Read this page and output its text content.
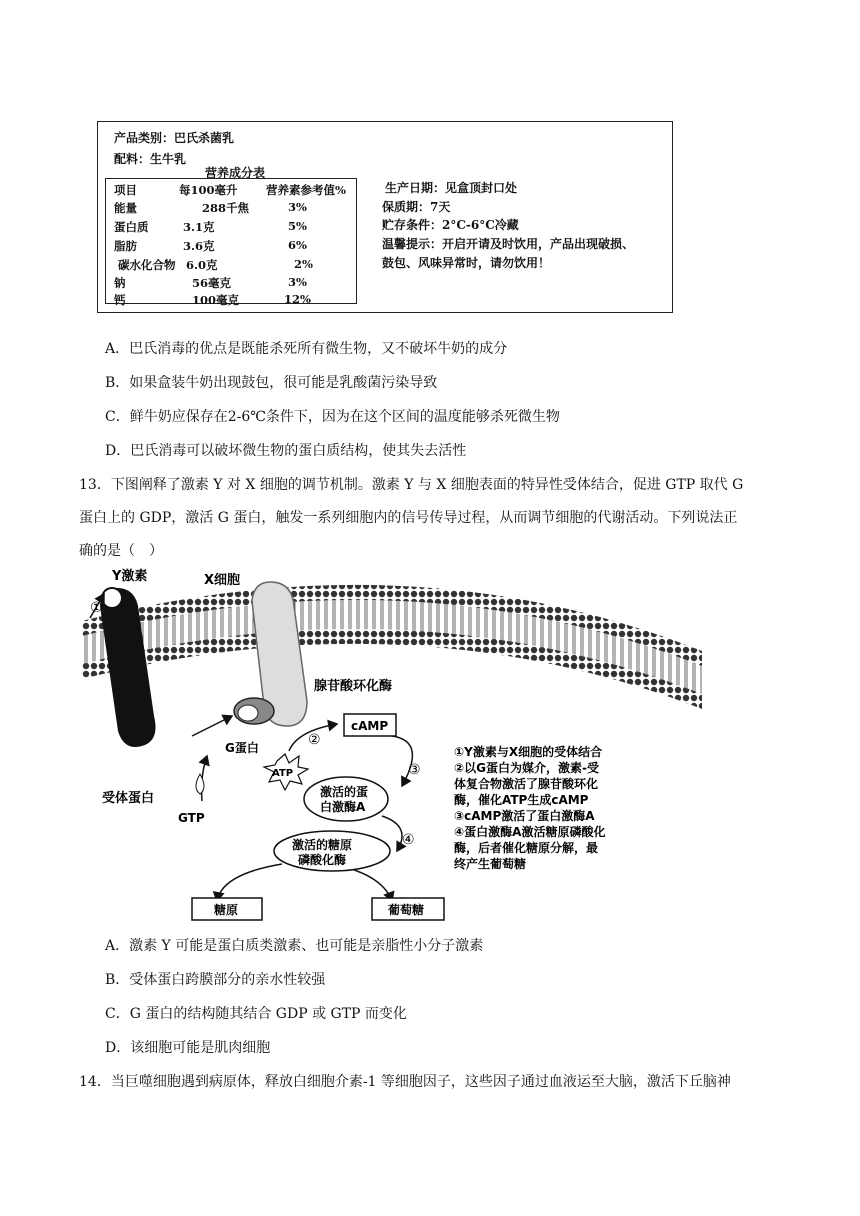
产品类别：巴氏杀菌乳
配料：生牛乳
营养成分表
项目	每100毫升 营养素参考值%
能量	288千焦	3%
蛋白质	3.1克	5%
脂肪	3.6克	6%
碳水化合物 6.0克	2%
钠	56毫克	3%
钙	100毫克	12%
生产日期：见盒顶封口处
保质期：7天
贮存条件：2°C-6°C冷藏
温馨提示：开启开请及时饮用，产品出现破损、
鼓包、风味异常时，请勿饮用！
A．巴氏消毒的优点是既能杀死所有微生物，又不破坏牛奶的成分
B．如果盒装牛奶出现鼓包，很可能是乳酸菌污染导致
C．鲜牛奶应保存在2-6℃条件下，因为在这个区间的温度能够杀死微生物
D．巴氏消毒可以破坏微生物的蛋白质结构，使其失去活性
13．下图阐释了激素 Y 对 X 细胞的调节机制。激素 Y 与 X 细胞表面的特异性受体结合，促进 GTP 取代 G
蛋白上的 GDP，激活 G 蛋白，触发一系列细胞内的信号传导过程，从而调节细胞的代谢活动。下列说法正
确的是（　）
Y激素
①
X细胞
腺苷酸环化酶
cAMP
②
G蛋白
ATP	③
受体蛋白
GTP
激活的蛋
白激酶A
④
激活的糖原
磷酸化酶
糖原	葡萄糖
①Y激素与X细胞的受体结合
②以G蛋白为媒介，激素-受
体复合物激活了腺苷酸环化
酶，催化ATP生成cAMP
③cAMP激活了蛋白激酶A
④蛋白激酶A激活糖原磷酸化
酶，后者催化糖原分解，最
终产生葡萄糖
A．激素 Y 可能是蛋白质类激素、也可能是亲脂性小分子激素
B．受体蛋白跨膜部分的亲水性较强
C．G 蛋白的结构随其结合 GDP 或 GTP 而变化
D．该细胞可能是肌肉细胞
14．当巨噬细胞遇到病原体，释放白细胞介素-1 等细胞因子，这些因子通过血液运至大脑，激活下丘脑神
